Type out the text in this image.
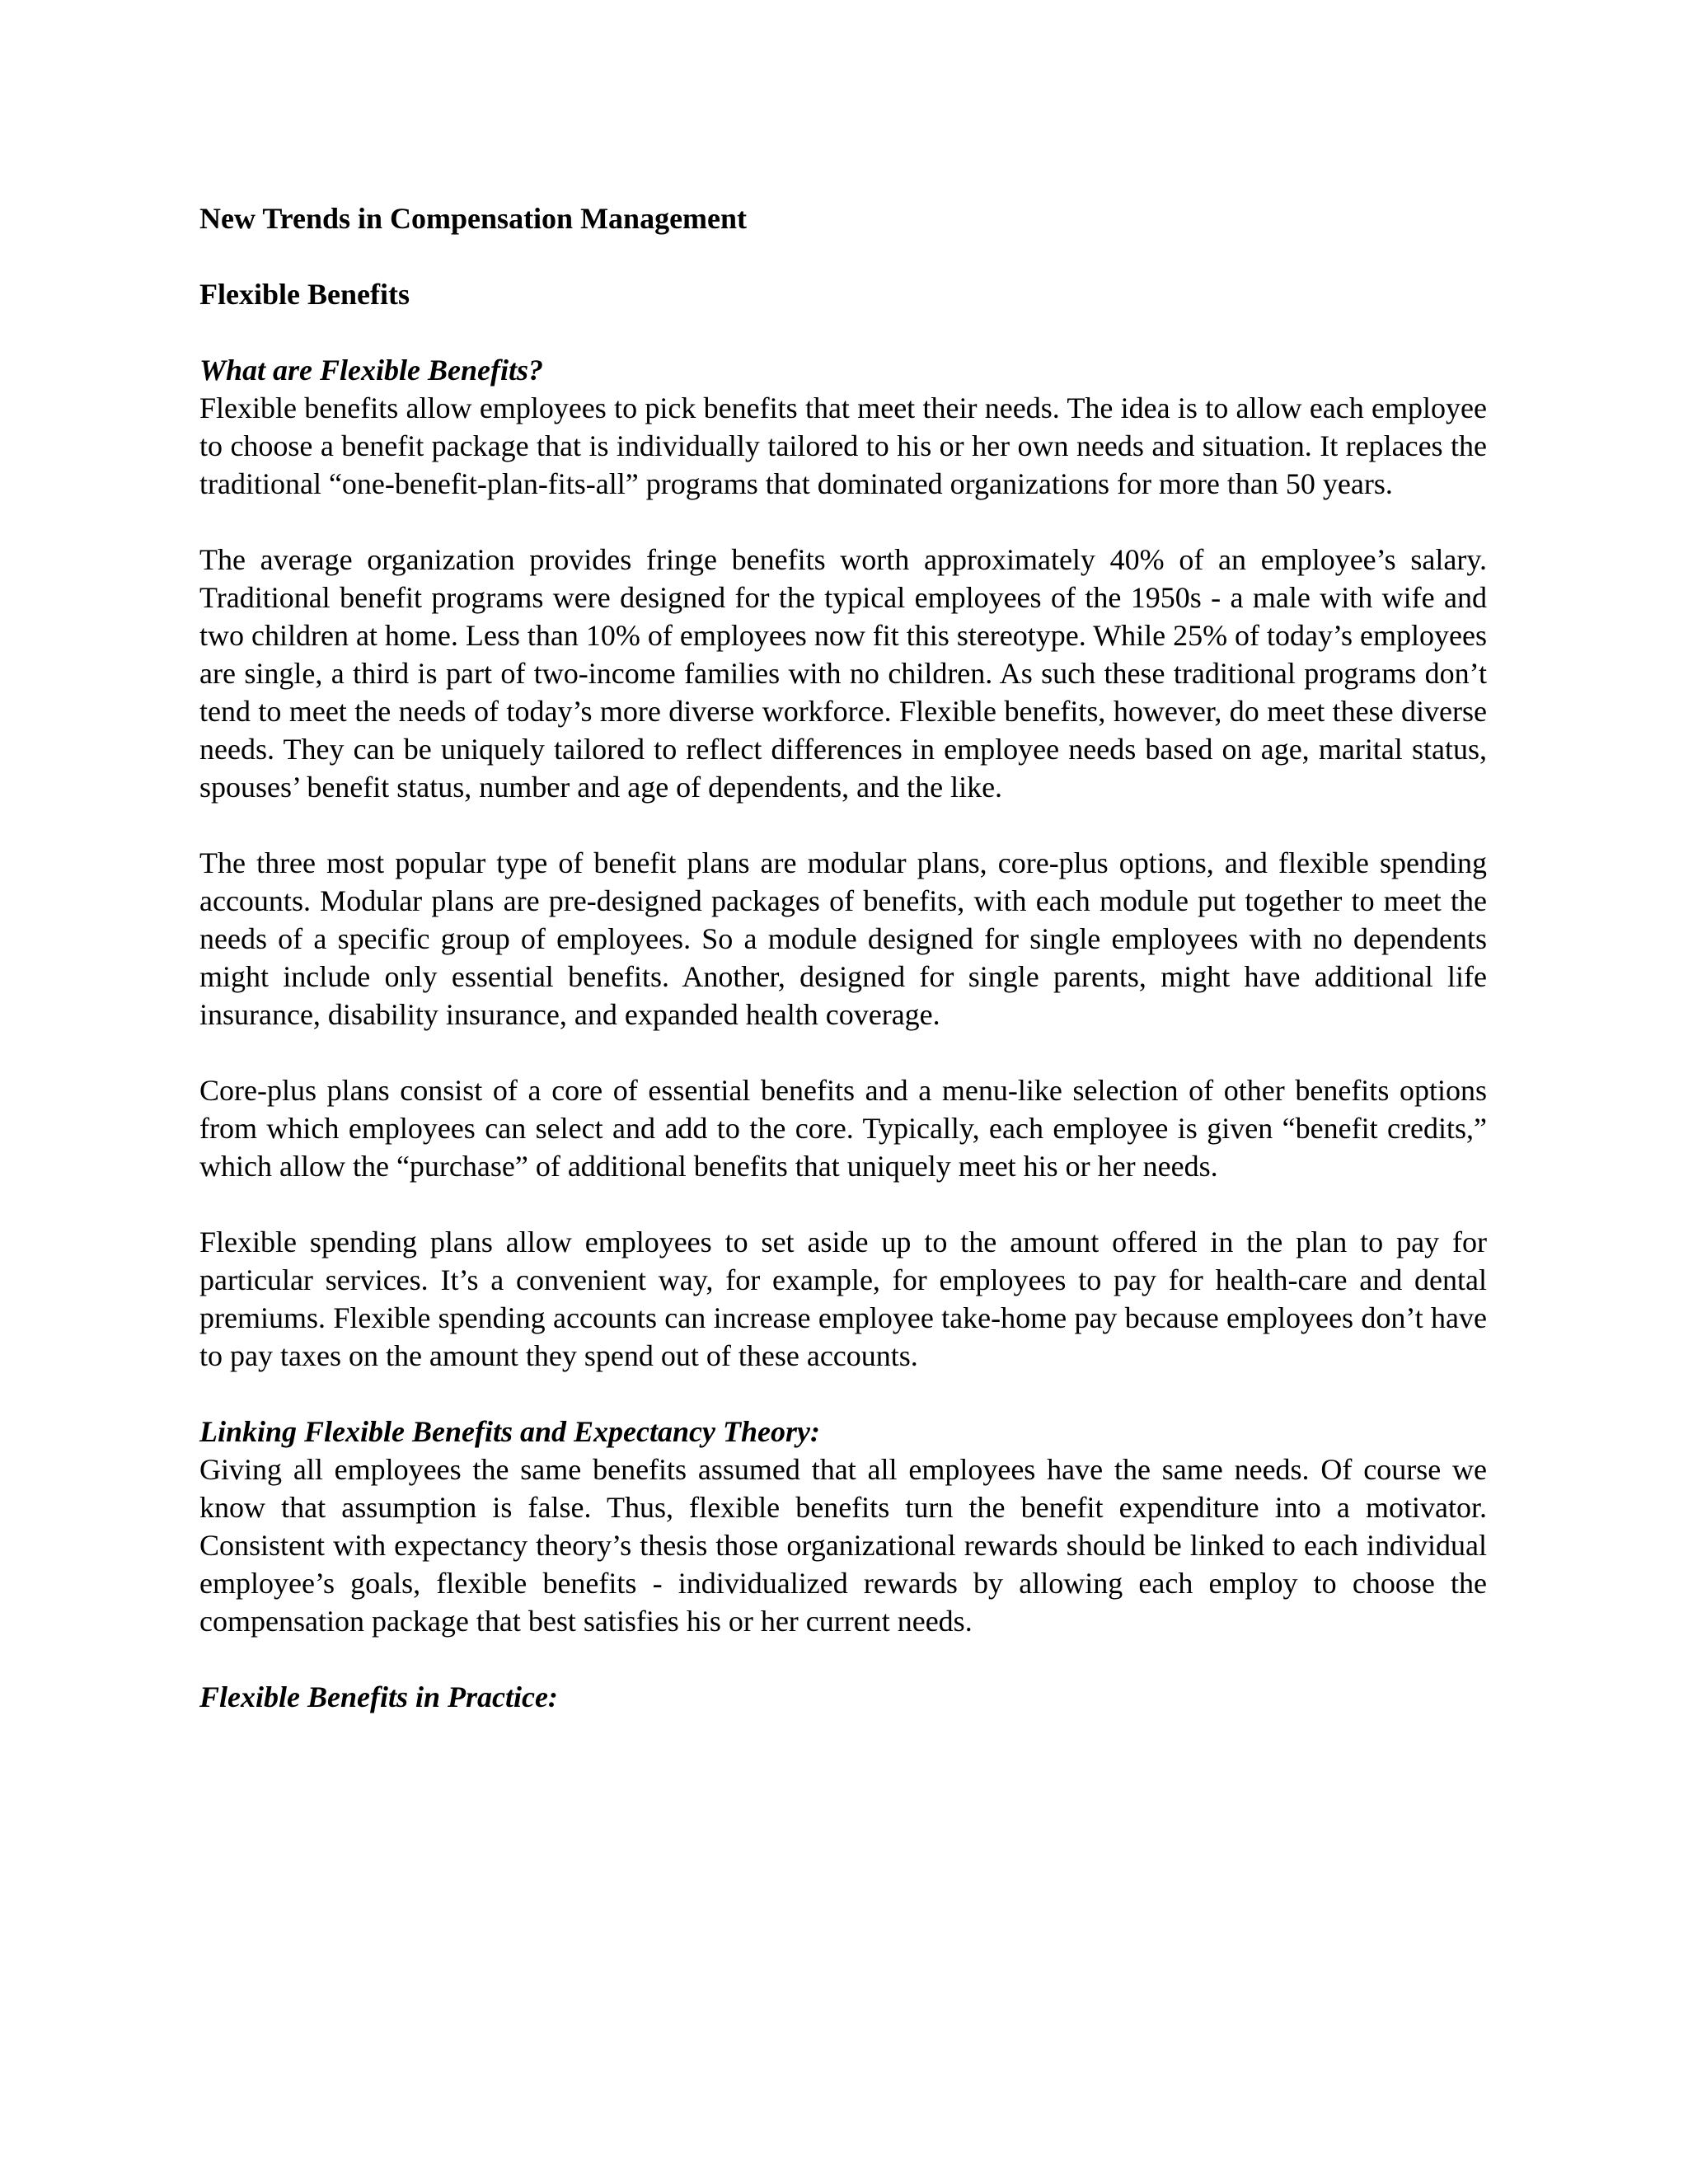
New Trends in Compensation Management
Flexible Benefits
What are Flexible Benefits?

Flexible benefits allow employees to pick benefits that meet their needs. The idea is to allow each employee to choose a benefit package that is individually tailored to his or her own needs and situation. It replaces the traditional “one-benefit-plan-fits-all” programs that dominated organizations for more than 50 years.

The average organization provides fringe benefits worth approximately 40% of an employee’s salary. Traditional benefit programs were designed for the typical employees of the 1950s - a male with wife and two children at home. Less than 10% of employees now fit this stereotype. While 25% of today’s employees are single, a third is part of two-income families with no children. As such these traditional programs don’t tend to meet the needs of today’s more diverse workforce. Flexible benefits, however, do meet these diverse needs. They can be uniquely tailored to reflect differences in employee needs based on age, marital status, spouses’ benefit status, number and age of dependents, and the like.

The three most popular type of benefit plans are modular plans, core-plus options, and flexible spending accounts. Modular plans are pre-designed packages of benefits, with each module put together to meet the needs of a specific group of employees. So a module designed for single employees with no dependents might include only essential benefits. Another, designed for single parents, might have additional life insurance, disability insurance, and expanded health coverage.

Core-plus plans consist of a core of essential benefits and a menu-like selection of other benefits options from which employees can select and add to the core. Typically, each employee is given “benefit credits,” which allow the “purchase” of additional benefits that uniquely meet his or her needs.

Flexible spending plans allow employees to set aside up to the amount offered in the plan to pay for particular services. It’s a convenient way, for example, for employees to pay for health-care and dental premiums. Flexible spending accounts can increase employee take-home pay because employees don’t have to pay taxes on the amount they spend out of these accounts.

Linking Flexible Benefits and Expectancy Theory:

Giving all employees the same benefits assumed that all employees have the same needs. Of course we know that assumption is false. Thus, flexible benefits turn the benefit expenditure into a motivator. Consistent with expectancy theory’s thesis those organizational rewards should be linked to each individual employee’s goals, flexible benefits - individualized rewards by allowing each employ to choose the compensation package that best satisfies his or her current needs.

Flexible Benefits in Practice:
